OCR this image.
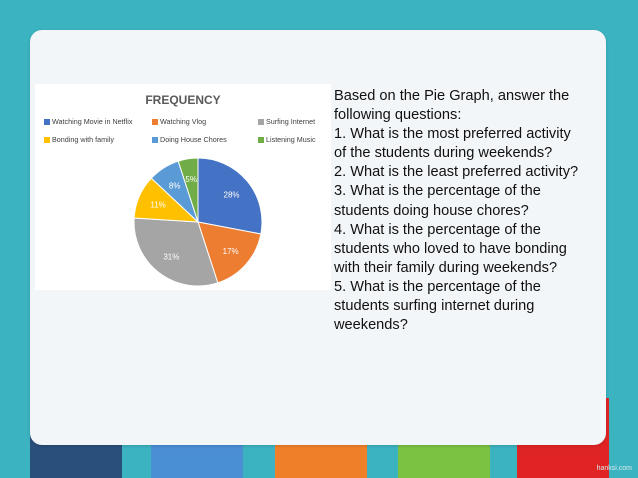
FREQUENCY
Watching Movie in Netflix	Watching Vlog	Surfing Internet
Bonding with family	Doing House Chores	Listening Music
28%
17%
31%
11%
8%
5%
Based on the Pie Graph, answer the following questions:
1. What is the most preferred activity of the students during weekends?
2. What is the least preferred activity?
3. What is the percentage of the students doing house chores?
4. What is the percentage of the students who loved to have bonding with their family during weekends?
5. What is the percentage of the students surfing internet during weekends?
hanksi.com
